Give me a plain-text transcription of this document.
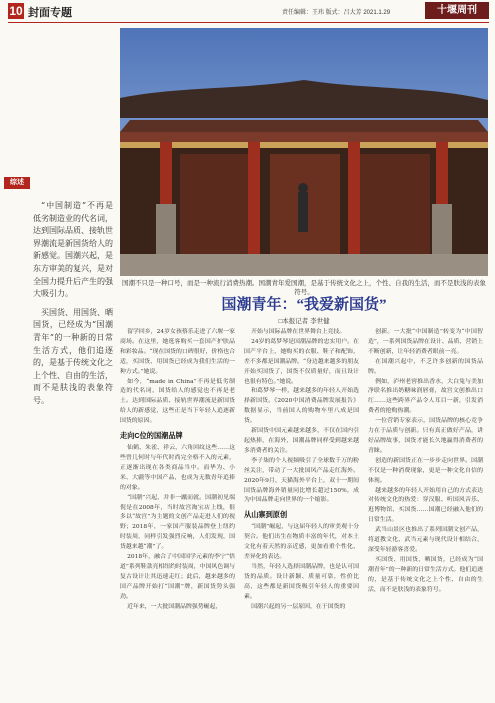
10 封面专题	责任编辑：王玮 版式：吕大芳 2021.1.29	十堰周刊
国潮不只是一种口号，而是一种流行消费热潮。国潮青年爱国潮，是基于传统文化之上，个性、自我的生活，而不是肤浅的表象符号。
综述

“中国制造”不再是低劣制造业的代名词，达到国际品质、接轨世界潮流是新国货给人的新感觉。国潮兴起，是东方审美的复兴，是对全国力提升后产生的强大吸引力。

买国货、用国货、晒国货，已经成为“国潮青年”的一种新的日常生活方式，他们追逐的，是基于传统文化之上个性、自由的生活，而不是肤浅的表象符号。

国潮青年：“我爱新国货”
□本报记者 李世健

留学回乡，24岁女孩蔡乐走进了六堰一家商场。在这里，她逛客购买一套国产护肤品和彩妆品。“现在国货的口碑很好，价格也合适，买国货、用国货已经成为我们生活的一种方式。”她说。

如今，“made in China”不再是低劣制造的代名词，国货给人的感觉也不再是老土。达到国际品质、接轨世界潮流是新国货给人的新感觉，这些正是当下年轻人追逐新国货的原因。

走向C位的国潮品牌

仙鹤、朱雀、祥云、六角回纹这些……这些曾几何时与年代时尚完全格不入的元素，正逐渐出现在各类商品当中。而华为、小米、大疆等中国产品，也成为无数青年追捧的对象。

“国潮”兴起，并非一蹴而就。国潮初见端倪是在2008年，当时故宫淘宝店上线，很多以“故宫”为主题的文创产品走进人们的视野；2018年，一家国产服装品牌登上纽约时装周，同样引发强烈反响，人们发现，国货越来越“潮”了。

2018年，融合了中国国学元素的李宁“悟道”系列鞋款亮相纽约时装周，中国风色调与复古设计让其迅速走红；此后，越来越多的国产品牌开始打“国潮”牌，新国货势头强劲。

近年来，一大批国潮品牌强势崛起，

开始与国际品牌在世界舞台上竞技。

24岁的葛梦琴是国潮品牌的忠实用户。在国产平台上，她购买的衣服、鞋子和配饰，差不多都是国潮品牌。“身边越来越多的朋友开始买国货了，国货不仅质量好，而且设计也很有特色。”她说。

和葛梦琴一样，越来越多的年轻人开始选择新国货。《2020中国消费品牌发展报告》数据显示，当前国人的购物车里八成是国货。

新国货中国元素越来越多，不仅在国内引起热捧，在海外，国潮品牌同样受到越来越多消费者的关注。

李子柒的个人视频吸引了全球数千万的粉丝关注，带动了一大批国风产品走红海外。2020年9月，天猫海外平台上，双十一期间国货品牌海外销量同比增长超过150%，成为中国品牌走向世界的一个缩影。

从山寨到原创

“国潮”崛起，与这届年轻人的审美观十分契合。他们出生在物质丰富的年代，对本土文化有着天然的亲近感，更加看重个性化、差异化的表达。

当然，年轻人选择国潮品牌，也是认可国货的品质。设计新颖、质量可靠，性价比高，这些都是新国货吸引年轻人的重要因素。

国潮兴起的另一层原因，在于国货的

创新。一大批“中国制造”转变为“中国智造”，一系列国货品牌在设计、品质、营销上不断创新，让年轻消费者眼前一亮。

在国潮兴起中，不乏许多创新的国货品牌。

例如，泸州老窖推出香水，大白兔与美加净联名推出奶糖味润唇膏，故宫文创推出口红……这些跨界产品令人耳目一新，引发消费者的抢购热潮。

一位营销专家表示，国货品牌的核心竞争力在于品质与创新。只有真正做好产品，讲好品牌故事，国货才能长久地赢得消费者的青睐。

创造的新国货正在一步步走向世界。国潮不仅是一种消费现象，更是一种文化自信的体现。

越来越多的年轻人开始用自己的方式表达对传统文化的热爱：穿汉服、听国风音乐、逛博物馆、买国货……国潮已经融入他们的日常生活。

武当山景区也推出了系列国潮文创产品，将道教文化、武当元素与现代设计相结合，深受年轻游客喜爱。

买国货、用国货、晒国货，已经成为“国潮青年”的一种新的日常生活方式。他们追逐的，是基于传统文化之上个性、自由的生活，而不是肤浅的表象符号。
